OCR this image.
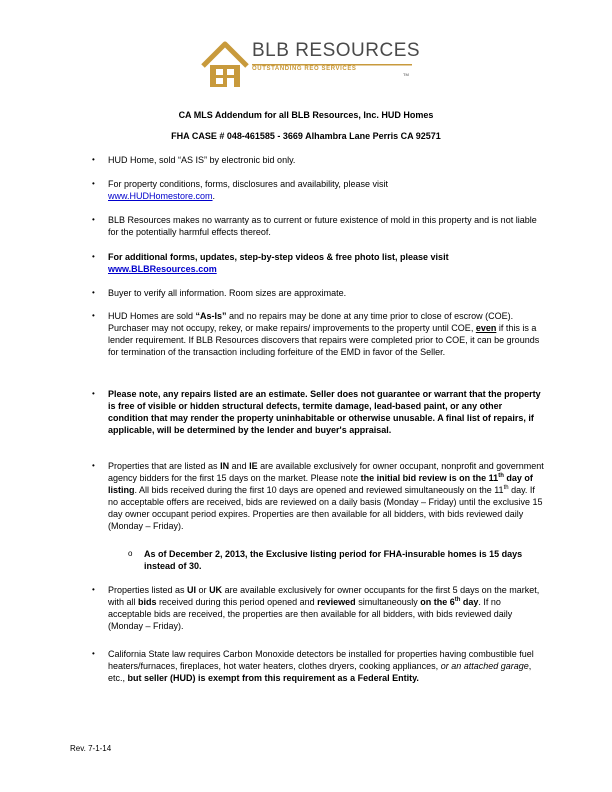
BLB RESOURCES
OUTSTANDING REO SERVICES
TM
CA MLS Addendum for all BLB Resources, Inc. HUD Homes
FHA CASE # 048-461585 - 3669 Alhambra Lane Perris CA 92571
• HUD Home, sold “AS IS” by electronic bid only.
• For property conditions, forms, disclosures and availability, please visit
www.HUDHomestore.com.
• BLB Resources makes no warranty as to current or future existence of mold in this property and is not liable for the potentially harmful effects thereof.
• For additional forms, updates, step-by-step videos & free photo list, please visit
www.BLBResources.com
• Buyer to verify all information. Room sizes are approximate.
• HUD Homes are sold “As-Is” and no repairs may be done at any time prior to close of escrow (COE). Purchaser may not occupy, rekey, or make repairs/ improvements to the property until COE, even if this is a lender requirement. If BLB Resources discovers that repairs were completed prior to COE, it can be grounds for termination of the transaction including forfeiture of the EMD in favor of the Seller.
• Please note, any repairs listed are an estimate. Seller does not guarantee or warrant that the property is free of visible or hidden structural defects, termite damage, lead-based paint, or any other condition that may render the property uninhabitable or otherwise unusable. A final list of repairs, if applicable, will be determined by the lender and buyer's appraisal.
• Properties that are listed as IN and IE are available exclusively for owner occupant, nonprofit and government agency bidders for the first 15 days on the market. Please note the initial bid review is on the 11th day of listing. All bids received during the first 10 days are opened and reviewed simultaneously on the 11th day. If no acceptable offers are received, bids are reviewed on a daily basis (Monday – Friday) until the exclusive 15 day owner occupant period expires. Properties are then available for all bidders, with bids reviewed daily (Monday – Friday).
o As of December 2, 2013, the Exclusive listing period for FHA-insurable homes is 15 days instead of 30.
• Properties listed as UI or UK are available exclusively for owner occupants for the first 5 days on the market, with all bids received during this period opened and reviewed simultaneously on the 6th day. If no acceptable bids are received, the properties are then available for all bidders, with bids reviewed daily (Monday – Friday).
• California State law requires Carbon Monoxide detectors be installed for properties having combustible fuel heaters/furnaces, fireplaces, hot water heaters, clothes dryers, cooking appliances, or an attached garage, etc., but seller (HUD) is exempt from this requirement as a Federal Entity.
Rev. 7-1-14
